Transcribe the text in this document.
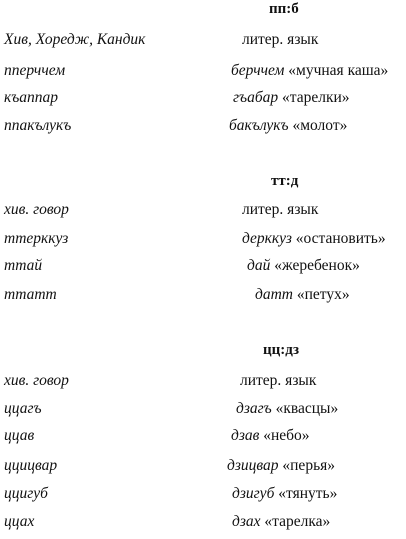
пп:б
Хив, Хоредж, Кандик	литер. язык
пперччем	берччем «мучная каша»
къаппар	гъабар «тарелки»
ппакълукъ	бакълукъ «молот»
тт:д
хив. говор	литер. язык
ттерккуз	дерккуз «остановить»
ттай	дай «жеребенок»
ттатт	датт «петух»
цц:дз
хив. говор	литер. язык
ццагъ	дзагъ «квасцы»
ццав	дзав «небо»
ццицвар	дзицвар «перья»
ццигуб	дзигуб «тянуть»
ццах	дзах «тарелка»
